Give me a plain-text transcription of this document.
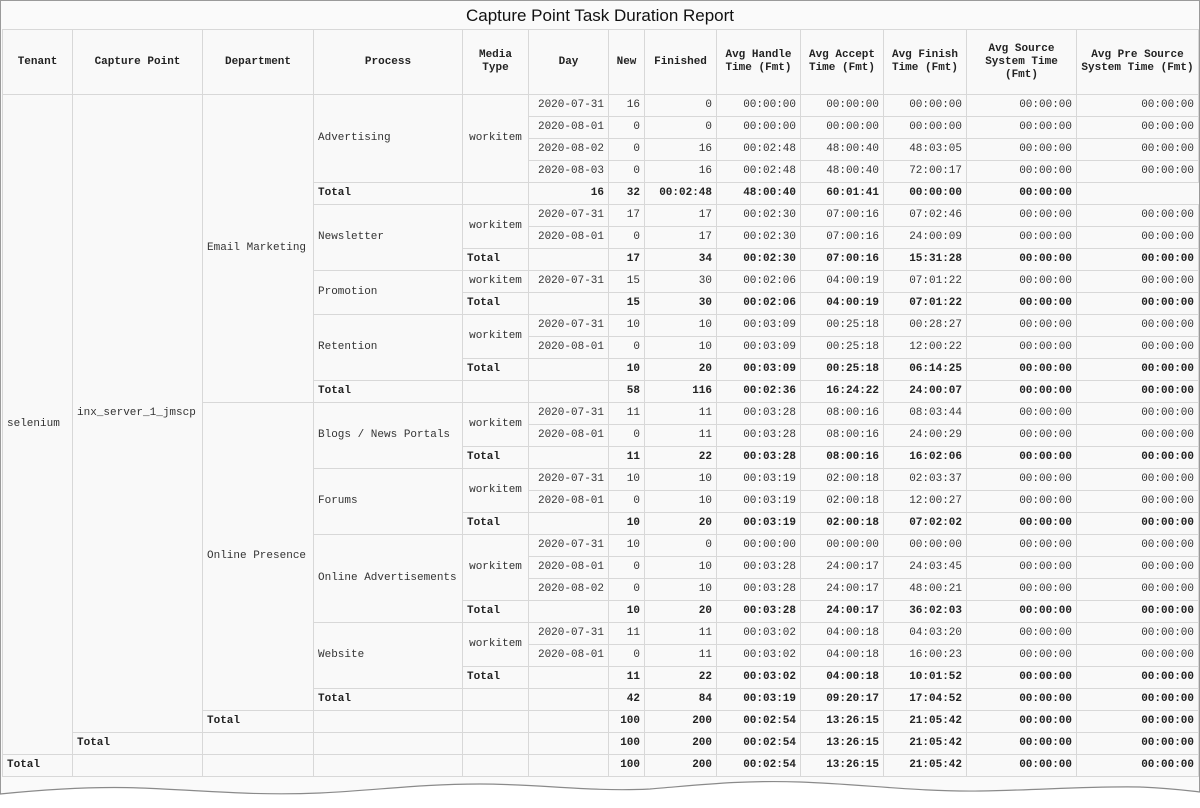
Capture Point Task Duration Report
Tenant	Capture Point	Department	Process	Media Type	Day	New	Finished	Avg Handle Time (Fmt)	Avg Accept Time (Fmt)	Avg Finish Time (Fmt)	Avg Source System Time (Fmt)	Avg Pre Source System Time (Fmt)
selenium	inx_server_1_jmscp	Email Marketing	Advertising	workitem	2020-07-31	16	0	00:00:00	00:00:00	00:00:00	00:00:00	00:00:00
					2020-08-01	0	0	00:00:00	00:00:00	00:00:00	00:00:00	00:00:00
					2020-08-02	0	16	00:02:48	48:00:40	48:03:05	00:00:00	00:00:00
					2020-08-03	0	16	00:02:48	48:00:40	72:00:17	00:00:00	00:00:00
			Total		16	32	00:02:48	48:00:40	60:01:41	00:00:00	00:00:00	
			Newsletter	workitem	2020-07-31	17	17	00:02:30	07:00:16	07:02:46	00:00:00	00:00:00
					2020-08-01	0	17	00:02:30	07:00:16	24:00:09	00:00:00	00:00:00
				Total		17	34	00:02:30	07:00:16	15:31:28	00:00:00	00:00:00
			Promotion	workitem	2020-07-31	15	30	00:02:06	04:00:19	07:01:22	00:00:00	00:00:00
				Total		15	30	00:02:06	04:00:19	07:01:22	00:00:00	00:00:00
			Retention	workitem	2020-07-31	10	10	00:03:09	00:25:18	00:28:27	00:00:00	00:00:00
					2020-08-01	0	10	00:03:09	00:25:18	12:00:22	00:00:00	00:00:00
				Total		10	20	00:03:09	00:25:18	06:14:25	00:00:00	00:00:00
			Total			58	116	00:02:36	16:24:22	24:00:07	00:00:00	00:00:00
		Online Presence	Blogs / News Portals	workitem	2020-07-31	11	11	00:03:28	08:00:16	08:03:44	00:00:00	00:00:00
					2020-08-01	0	11	00:03:28	08:00:16	24:00:29	00:00:00	00:00:00
				Total		11	22	00:03:28	08:00:16	16:02:06	00:00:00	00:00:00
			Forums	workitem	2020-07-31	10	10	00:03:19	02:00:18	02:03:37	00:00:00	00:00:00
					2020-08-01	0	10	00:03:19	02:00:18	12:00:27	00:00:00	00:00:00
				Total		10	20	00:03:19	02:00:18	07:02:02	00:00:00	00:00:00
			Online Advertisements	workitem	2020-07-31	10	0	00:00:00	00:00:00	00:00:00	00:00:00	00:00:00
					2020-08-01	0	10	00:03:28	24:00:17	24:03:45	00:00:00	00:00:00
					2020-08-02	0	10	00:03:28	24:00:17	48:00:21	00:00:00	00:00:00
				Total		10	20	00:03:28	24:00:17	36:02:03	00:00:00	00:00:00
			Website	workitem	2020-07-31	11	11	00:03:02	04:00:18	04:03:20	00:00:00	00:00:00
					2020-08-01	0	11	00:03:02	04:00:18	16:00:23	00:00:00	00:00:00
				Total		11	22	00:03:02	04:00:18	10:01:52	00:00:00	00:00:00
			Total			42	84	00:03:19	09:20:17	17:04:52	00:00:00	00:00:00
		Total				100	200	00:02:54	13:26:15	21:05:42	00:00:00	00:00:00
	Total					100	200	00:02:54	13:26:15	21:05:42	00:00:00	00:00:00
Total						100	200	00:02:54	13:26:15	21:05:42	00:00:00	00:00:00
